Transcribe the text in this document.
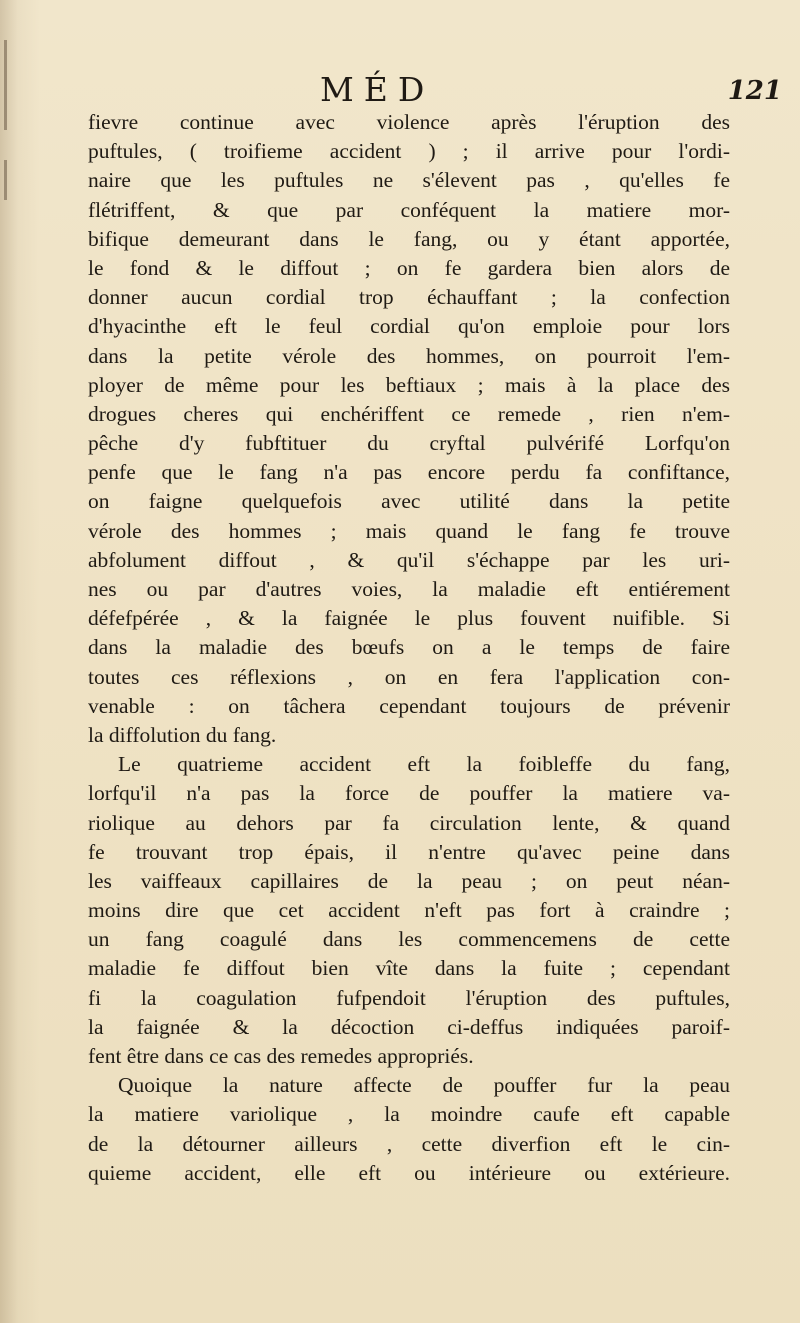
MÉD	121
fievre continue avec violence après l'éruption des
puftules, ( troifieme accident ) ; il arrive pour l'ordi-
naire que les puftules ne s'élevent pas , qu'elles fe
flétriffent, & que par conféquent la matiere mor-
bifique demeurant dans le fang, ou y étant apportée,
le fond & le diffout ; on fe gardera bien alors de
donner aucun cordial trop échauffant ; la confection
d'hyacinthe eft le feul cordial qu'on emploie pour lors
dans la petite vérole des hommes, on pourroit l'em-
ployer de même pour les beftiaux ; mais à la place des
drogues cheres qui enchériffent ce remede , rien n'em-
pêche d'y fubftituer du cryftal pulvérifé Lorfqu'on
penfe que le fang n'a pas encore perdu fa confiftance,
on faigne quelquefois avec utilité dans la petite
vérole des hommes ; mais quand le fang fe trouve
abfolument diffout , & qu'il s'échappe par les uri-
nes ou par d'autres voies, la maladie eft entiérement
défefpérée , & la faignée le plus fouvent nuifible. Si
dans la maladie des bœufs on a le temps de faire
toutes ces réflexions , on en fera l'application con-
venable : on tâchera cependant toujours de prévenir
la diffolution du fang.
Le quatrieme accident eft la foibleffe du fang,
lorfqu'il n'a pas la force de pouffer la matiere va-
riolique au dehors par fa circulation lente, & quand
fe trouvant trop épais, il n'entre qu'avec peine dans
les vaiffeaux capillaires de la peau ; on peut néan-
moins dire que cet accident n'eft pas fort à craindre ;
un fang coagulé dans les commencemens de cette
maladie fe diffout bien vîte dans la fuite ; cependant
fi la coagulation fufpendoit l'éruption des puftules,
la faignée & la décoction ci-deffus indiquées paroif-
fent être dans ce cas des remedes appropriés.
Quoique la nature affecte de pouffer fur la peau
la matiere variolique , la moindre caufe eft capable
de la détourner ailleurs , cette diverfion eft le cin-
quieme accident, elle eft ou intérieure ou extérieure.
